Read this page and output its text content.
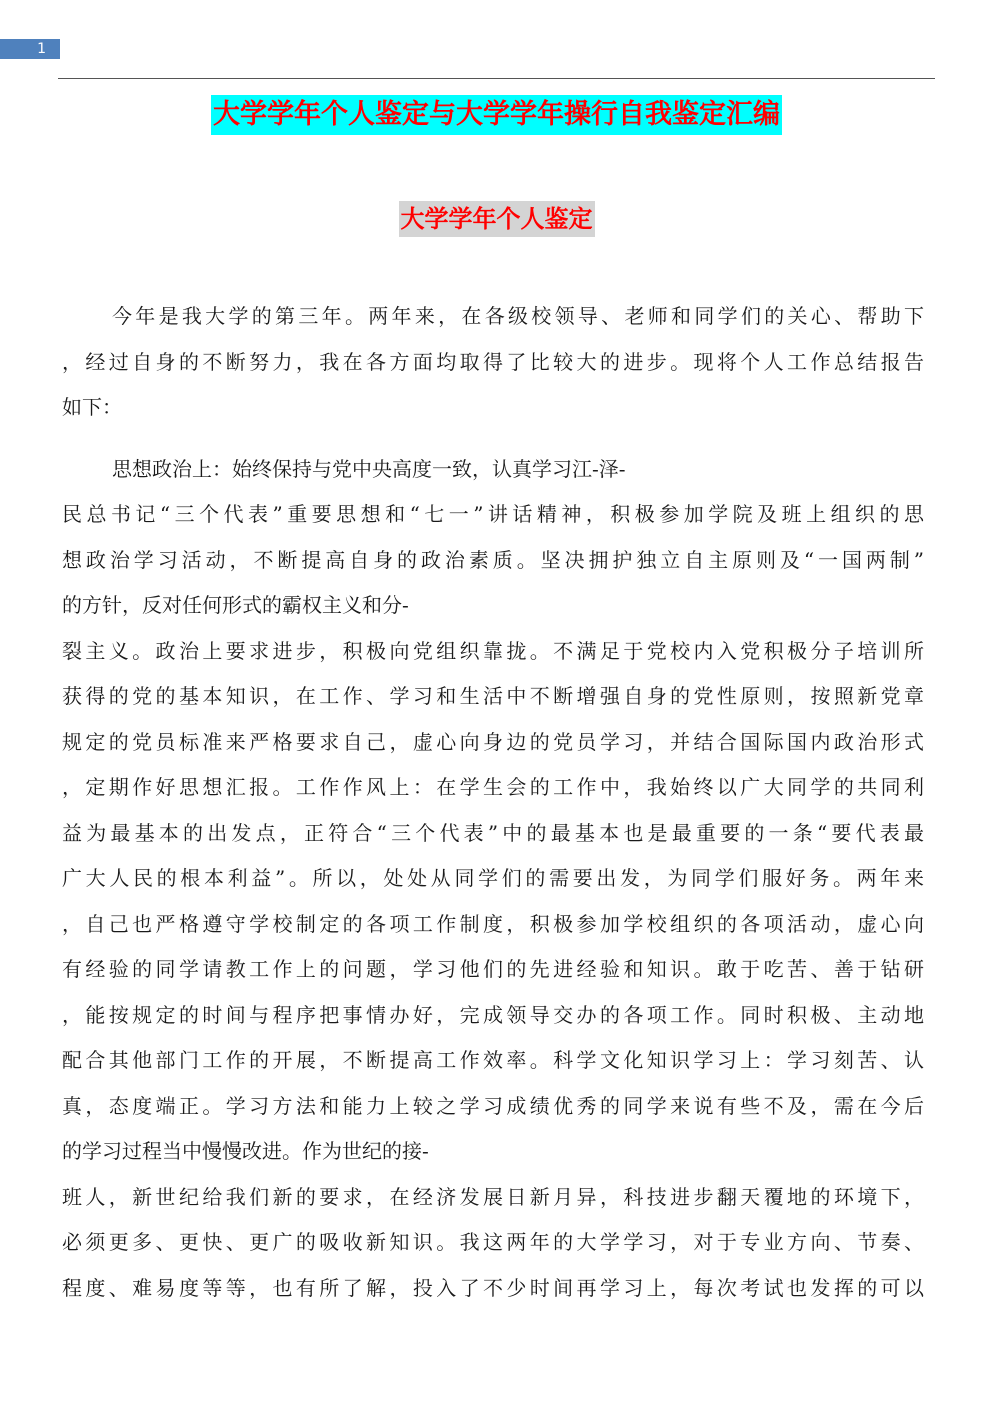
1
大学学年个人鉴定与大学学年操行自我鉴定汇编
大学学年个人鉴定
今年是我大学的第三年。两年来，在各级校领导、老师和同学们的关心、帮助下
，经过自身的不断努力，我在各方面均取得了比较大的进步。现将个人工作总结报告
如下：
思想政治上：始终保持与党中央高度一致，认真学习江-泽-
民总书记“三个代表”重要思想和“七一”讲话精神，积极参加学院及班上组织的思
想政治学习活动，不断提高自身的政治素质。坚决拥护独立自主原则及“一国两制”
的方针，反对任何形式的霸权主义和分-
裂主义。政治上要求进步，积极向党组织靠拢。不满足于党校内入党积极分子培训所
获得的党的基本知识，在工作、学习和生活中不断增强自身的党性原则，按照新党章
规定的党员标准来严格要求自己，虚心向身边的党员学习，并结合国际国内政治形式
，定期作好思想汇报。工作作风上：在学生会的工作中，我始终以广大同学的共同利
益为最基本的出发点，正符合“三个代表”中的最基本也是最重要的一条“要代表最
广大人民的根本利益”。所以，处处从同学们的需要出发，为同学们服好务。两年来
，自己也严格遵守学校制定的各项工作制度，积极参加学校组织的各项活动，虚心向
有经验的同学请教工作上的问题，学习他们的先进经验和知识。敢于吃苦、善于钻研
，能按规定的时间与程序把事情办好，完成领导交办的各项工作。同时积极、主动地
配合其他部门工作的开展，不断提高工作效率。科学文化知识学习上：学习刻苦、认
真，态度端正。学习方法和能力上较之学习成绩优秀的同学来说有些不及，需在今后
的学习过程当中慢慢改进。作为世纪的接-
班人，新世纪给我们新的要求，在经济发展日新月异，科技进步翻天覆地的环境下，
必须更多、更快、更广的吸收新知识。我这两年的大学学习，对于专业方向、节奏、
程度、难易度等等，也有所了解，投入了不少时间再学习上，每次考试也发挥的可以
